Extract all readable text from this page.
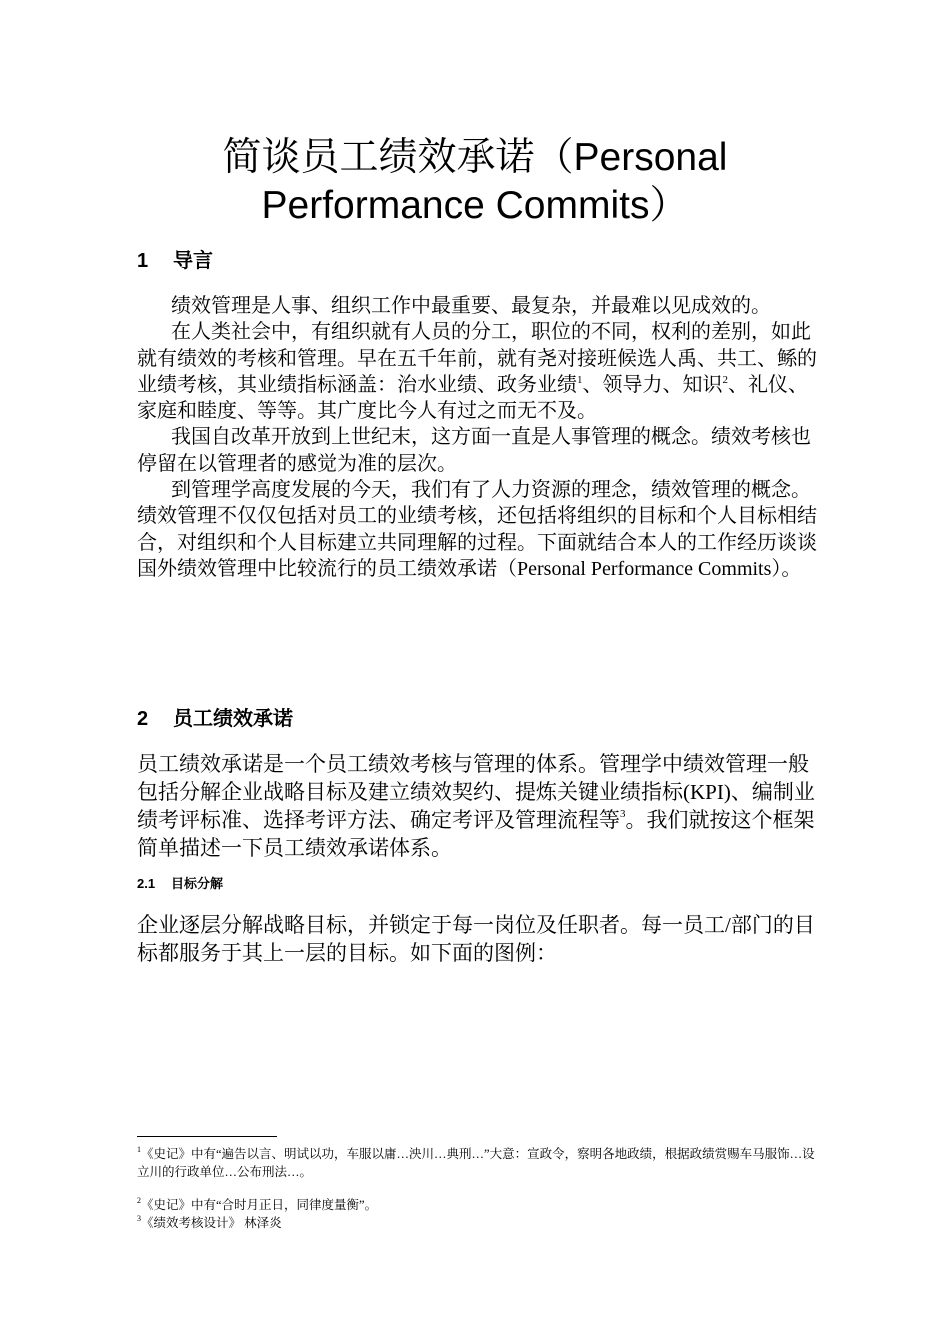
简谈员工绩效承诺（Personal
Performance Commits）
1 导言

绩效管理是人事、组织工作中最重要、最复杂，并最难以见成效的。

在人类社会中，有组织就有人员的分工，职位的不同，权利的差别，如此就有绩效的考核和管理。早在五千年前，就有尧对接班候选人禹、共工、鲧的业绩考核，其业绩指标涵盖：治水业绩、政务业绩$^1$、领导力、知识$^2$、礼仪、家庭和睦度、等等。其广度比今人有过之而无不及。

我国自改革开放到上世纪末，这方面一直是人事管理的概念。绩效考核也停留在以管理者的感觉为准的层次。

到管理学高度发展的今天，我们有了人力资源的理念，绩效管理的概念。绩效管理不仅仅包括对员工的业绩考核，还包括将组织的目标和个人目标相结合，对组织和个人目标建立共同理解的过程。下面就结合本人的工作经历谈谈国外绩效管理中比较流行的员工绩效承诺（Personal Performance Commits）。

2 员工绩效承诺

员工绩效承诺是一个员工绩效考核与管理的体系。管理学中绩效管理一般包括分解企业战略目标及建立绩效契约、提炼关键业绩指标(KPI)、编制业绩考评标准、选择考评方法、确定考评及管理流程等$^3$。我们就按这个框架简单描述一下员工绩效承诺体系。

2.1 目标分解

企业逐层分解战略目标，并锁定于每一岗位及任职者。每一员工/部门的目标都服务于其上一层的目标。如下面的图例：

$^1$《史记》中有“遍告以言、明试以功，车服以庸…泱川…典刑…”大意：宣政令，察明各地政绩，根据政绩赏赐车马服饰…设立川的行政单位…公布刑法…。
$^2$《史记》中有“合时月正日，同律度量衡”。
$^3$《绩效考核设计》 林泽炎
